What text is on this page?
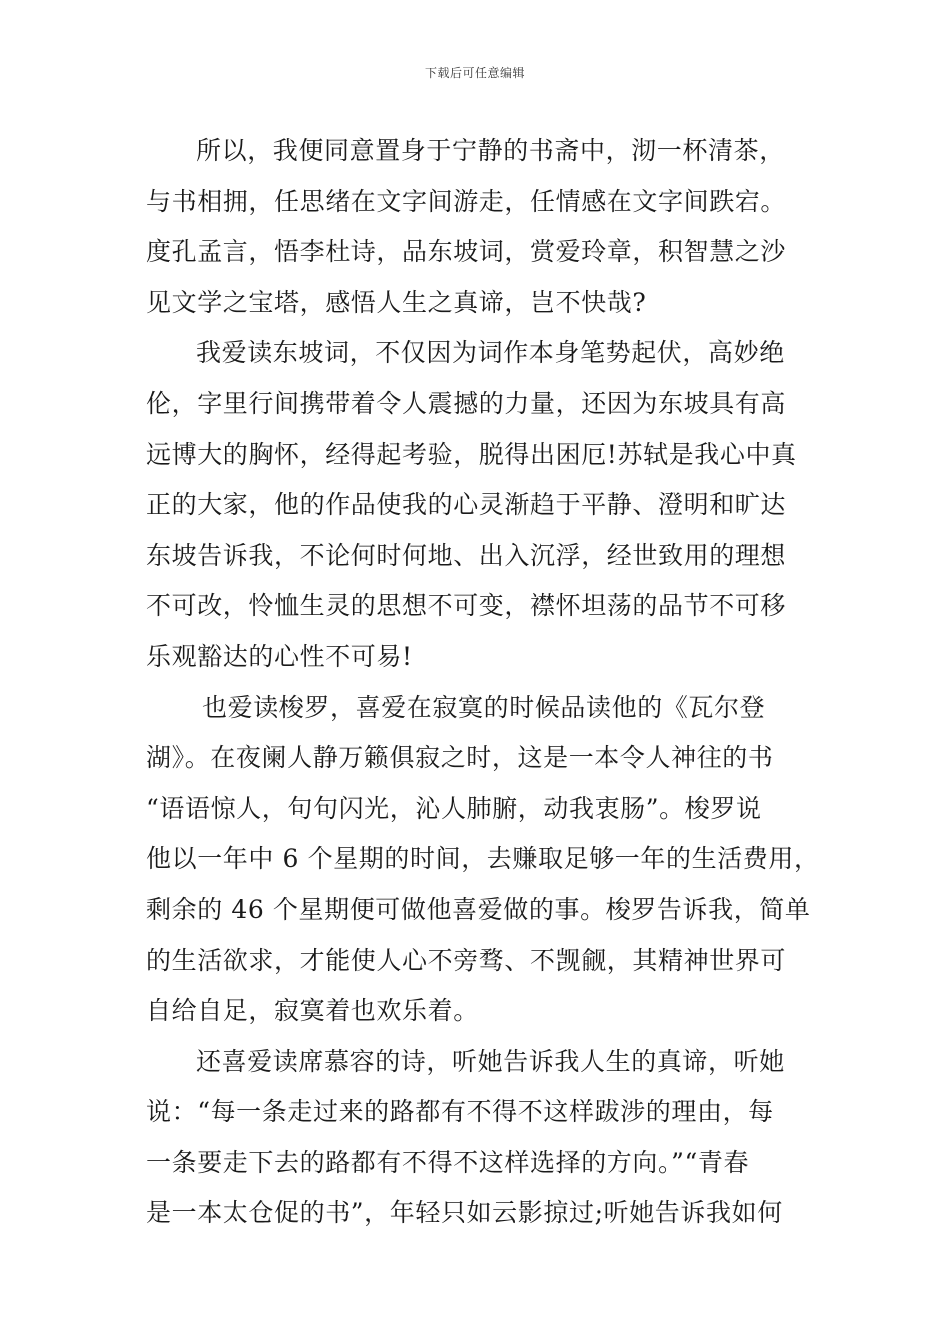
下载后可任意编辑
所以，我便同意置身于宁静的书斋中，沏一杯清茶，
与书相拥，任思绪在文字间游走，任情感在文字间跌宕。
度孔孟言，悟李杜诗，品东坡词，赏爱玲章，积智慧之沙
见文学之宝塔，感悟人生之真谛，岂不快哉?
我爱读东坡词，不仅因为词作本身笔势起伏，高妙绝
伦，字里行间携带着令人震撼的力量，还因为东坡具有高
远博大的胸怀，经得起考验，脱得出困厄!苏轼是我心中真
正的大家，他的作品使我的心灵渐趋于平静、澄明和旷达
东坡告诉我，不论何时何地、出入沉浮，经世致用的理想
不可改，怜恤生灵的思想不可变，襟怀坦荡的品节不可移
乐观豁达的心性不可易!
也爱读梭罗，喜爱在寂寞的时候品读他的《瓦尔登
湖》。在夜阑人静万籁俱寂之时，这是一本令人神往的书
“语语惊人，句句闪光，沁人肺腑，动我衷肠”。梭罗说
他以一年中 6 个星期的时间，去赚取足够一年的生活费用，
剩余的 46 个星期便可做他喜爱做的事。梭罗告诉我，简单
的生活欲求，才能使人心不旁骛、不觊觎，其精神世界可
自给自足，寂寞着也欢乐着。
还喜爱读席慕容的诗，听她告诉我人生的真谛，听她
说：“每一条走过来的路都有不得不这样跋涉的理由，每
一条要走下去的路都有不得不这样选择的方向。”“青春
是一本太仓促的书”，年轻只如云影掠过;听她告诉我如何
